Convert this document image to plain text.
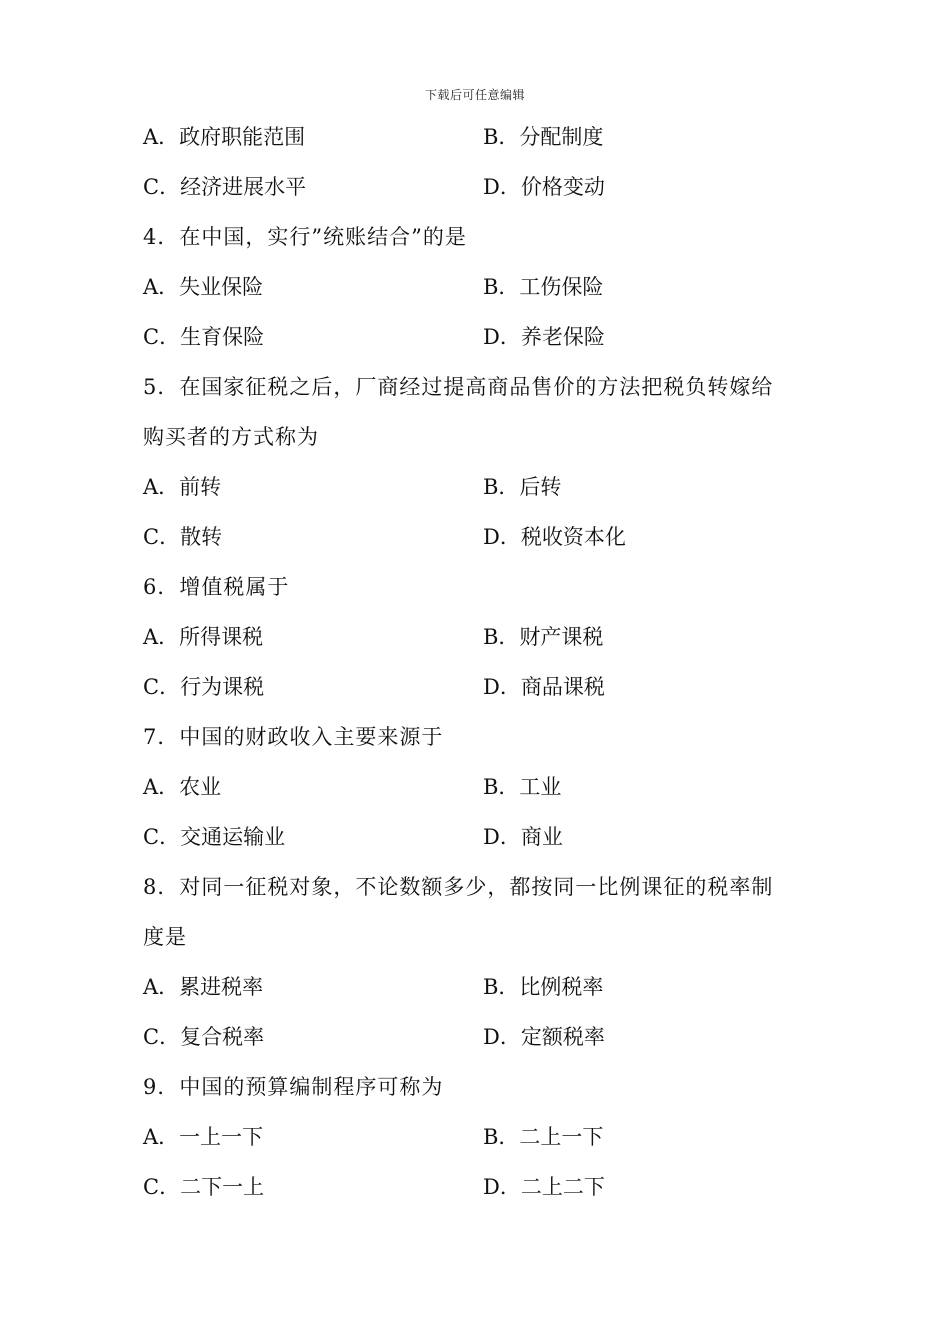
下载后可任意编辑
A．政府职能范围	B．分配制度
C．经济进展水平	D．价格变动
4．在中国，实行”统账结合”的是
A．失业保险	B．工伤保险
C．生育保险	D．养老保险
5．在国家征税之后，厂商经过提高商品售价的方法把税负转嫁给
购买者的方式称为
A．前转	B．后转
C．散转	D．税收资本化
6．增值税属于
A．所得课税	B．财产课税
C．行为课税	D．商品课税
7．中国的财政收入主要来源于
A．农业	B．工业
C．交通运输业	D．商业
8．对同一征税对象，不论数额多少，都按同一比例课征的税率制
度是
A．累进税率	B．比例税率
C．复合税率	D．定额税率
9．中国的预算编制程序可称为
A．一上一下	B．二上一下
C．二下一上	D．二上二下
